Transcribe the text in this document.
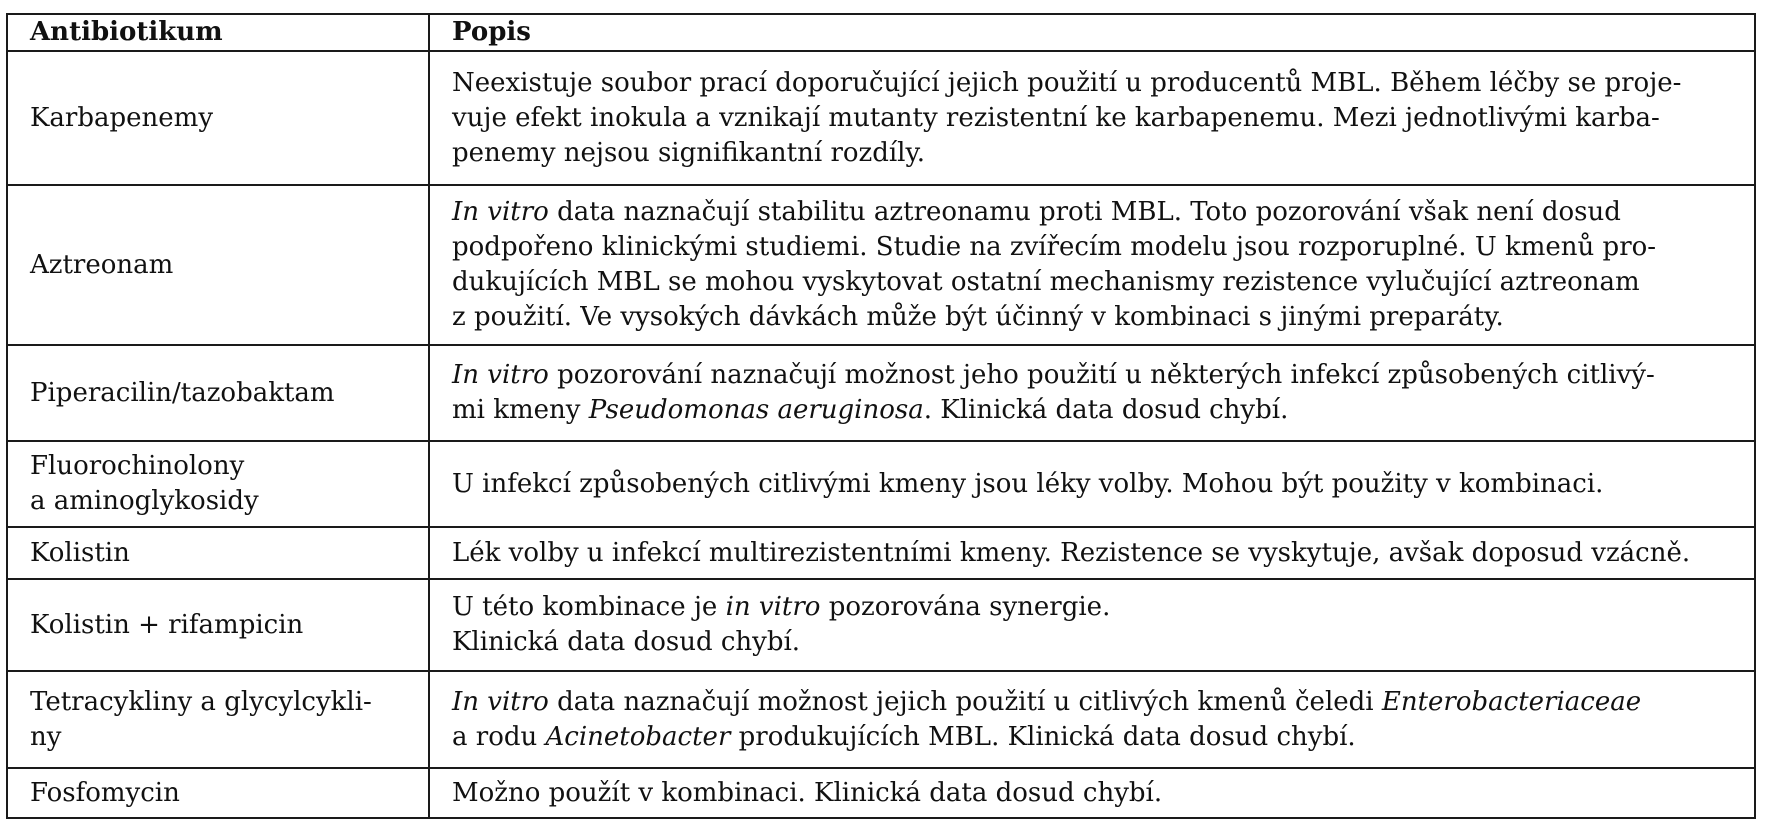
Antibiotikum	Popis

Karbapenemy	Neexistuje soubor prací doporučující jejich použití u producentů MBL. Během léčby se proje-
vuje efekt inokula a vznikají mutanty rezistentní ke karbapenemu. Mezi jednotlivými karba-
penemy nejsou signifikantní rozdíly.

Aztreonam	In vitro data naznačují stabilitu aztreonamu proti MBL. Toto pozorování však není dosud
podpořeno klinickými studiemi. Studie na zvířecím modelu jsou rozporuplné. U kmenů pro-
dukujících MBL se mohou vyskytovat ostatní mechanismy rezistence vylučující aztreonam
z použití. Ve vysokých dávkách může být účinný v kombinaci s jinými preparáty.

Piperacilin/tazobaktam	In vitro pozorování naznačují možnost jeho použití u některých infekcí způsobených citlivý-
mi kmeny Pseudomonas aeruginosa. Klinická data dosud chybí.

Fluorochinolony
a aminoglykosidy	U infekcí způsobených citlivými kmeny jsou léky volby. Mohou být použity v kombinaci.

Kolistin	Lék volby u infekcí multirezistentními kmeny. Rezistence se vyskytuje, avšak doposud vzácně.

Kolistin + rifampicin	U této kombinace je in vitro pozorována synergie.
Klinická data dosud chybí.

Tetracykliny a glycylcykli-
ny	In vitro data naznačují možnost jejich použití u citlivých kmenů čeledi Enterobacteriaceae
a rodu Acinetobacter produkujících MBL. Klinická data dosud chybí.

Fosfomycin	Možno použít v kombinaci. Klinická data dosud chybí.
